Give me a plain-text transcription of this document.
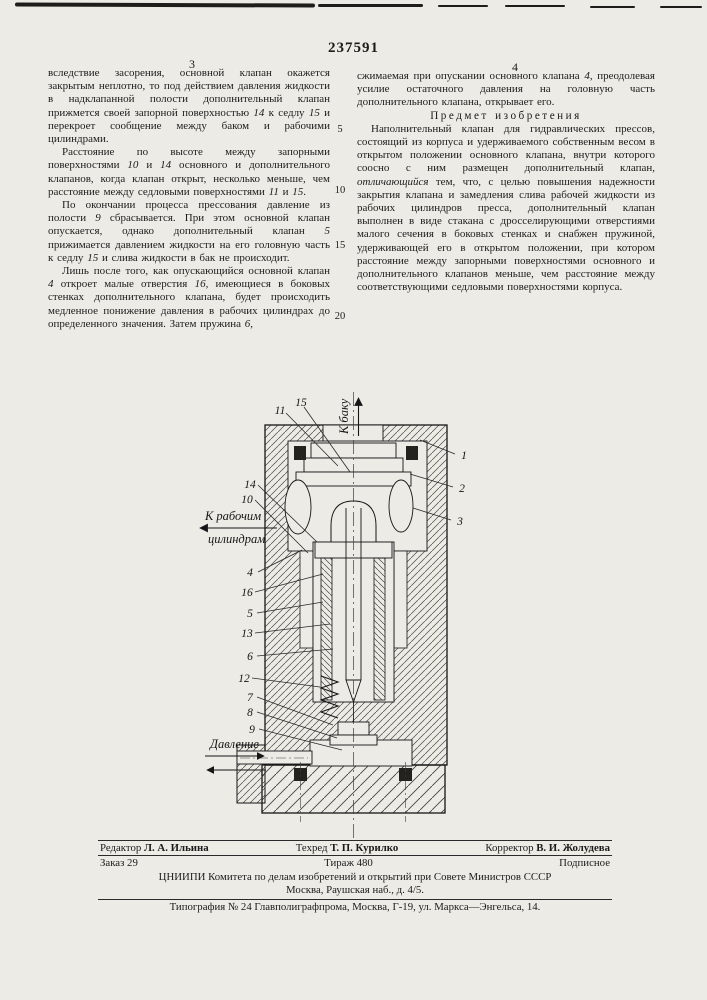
237591
3	4
5
10
15
20

вследствие засорения, основной клапан окажется закрытым неплотно, то под действием давления жидкости в надклапанной полости дополнительный клапан прижмется своей запорной поверхностью 14 к седлу 15 и перекроет сообщение между баком и рабочими цилиндрами.

Расстояние по высоте между запорными поверхностями 10 и 14 основного и дополнительного клапанов, когда клапан открыт, несколько меньше, чем расстояние между седловыми поверхностями 11 и 15.

По окончании процесса прессования давление из полости 9 сбрасывается. При этом основной клапан опускается, однако дополнительный клапан 5 прижимается давлением жидкости на его головную часть к седлу 15 и слива жидкости в бак не происходит.

Лишь после того, как опускающийся основной клапан 4 откроет малые отверстия 16, имеющиеся в боковых стенках дополнительного клапана, будет происходить медленное понижение давления в рабочих цилиндрах до определенного значения. Затем пружина 6,

сжимаемая при опускании основного клапана 4, преодолевая усилие остаточного давления на головную часть дополнительного клапана, открывает его.

Предмет изобретения

Наполнительный клапан для гидравлических прессов, состоящий из корпуса и удерживаемого собственным весом в открытом положении основного клапана, внутри которого соосно с ним размещен дополнительный клапан, отличающийся тем, что, с целью повышения надежности закрытия клапана и замедления слива рабочей жидкости из рабочих цилиндров пресса, дополнительный клапан выполнен в виде стакана с дросселирующими отверстиями малого сечения в боковых стенках и снабжен пружиной, удерживающей его в открытом положении, при котором расстояние между запорными поверхностями основного и дополнительного клапанов меньше, чем расстояние между соответствующими седловыми поверхностями корпуса.

К баку
К рабочим
цилиндрам
Давление
11
15
1
2
3
14
10
4
16
5
13
6
12
7
8
9
Редактор Л. А. Ильина	Техред Т. П. Курилко	Корректор В. И. Жолудева
Заказ 29	Тираж 480	Подписное
ЦНИИПИ Комитета по делам изобретений и открытий при Совете Министров СССР
Москва, Раушская наб., д. 4/5.
Типография № 24 Главполиграфпрома, Москва, Г-19, ул. Маркса—Энгельса, 14.
